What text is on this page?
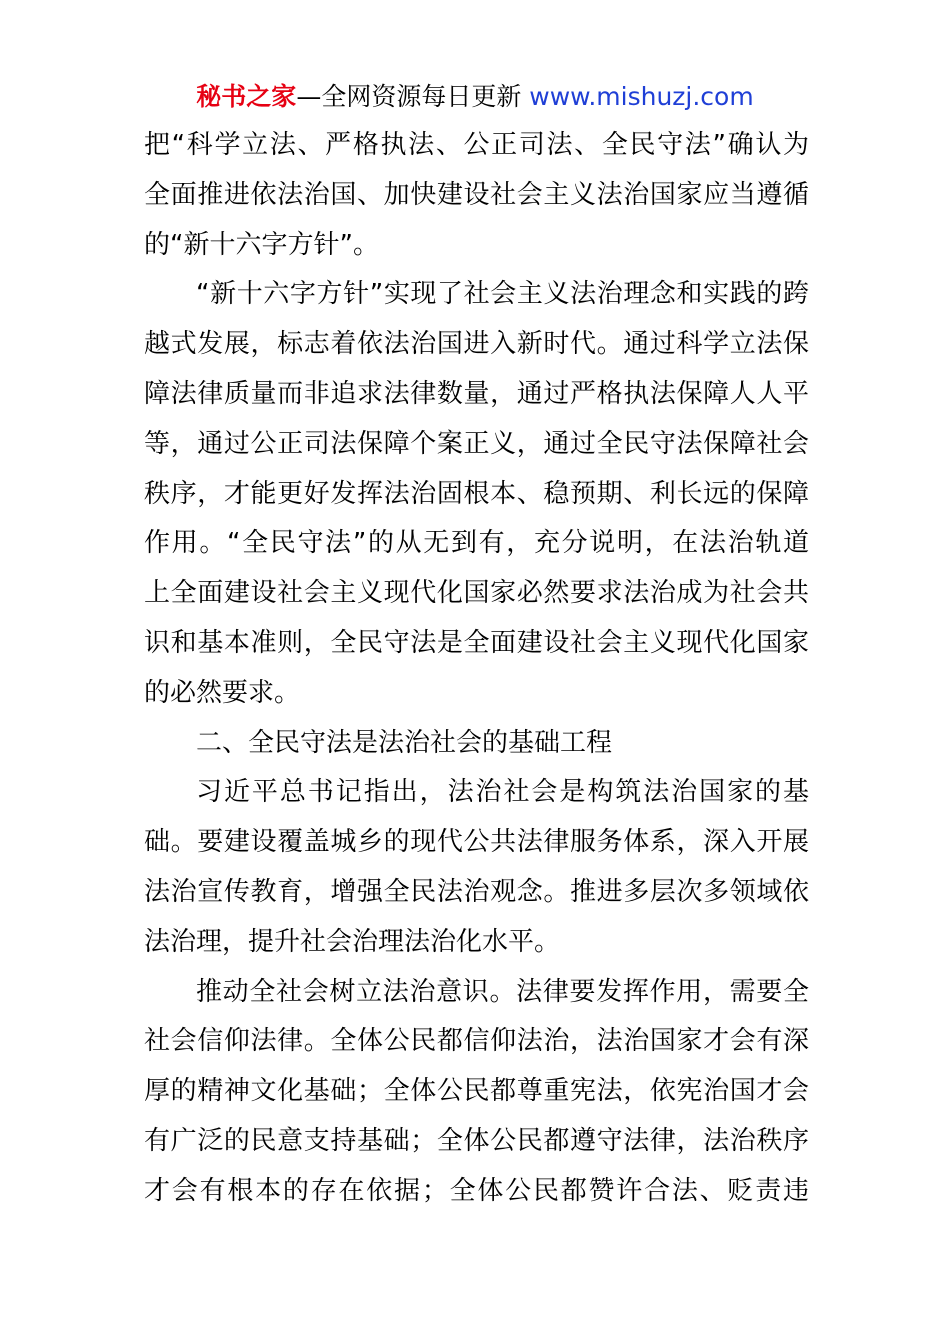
秘书之家—全网资源每日更新 www.mishuzj.com
把“科学立法、严格执法、公正司法、全民守法”确认为
全面推进依法治国、加快建设社会主义法治国家应当遵循
的“新十六字方针”。
“新十六字方针”实现了社会主义法治理念和实践的跨
越式发展，标志着依法治国进入新时代。通过科学立法保
障法律质量而非追求法律数量，通过严格执法保障人人平
等，通过公正司法保障个案正义，通过全民守法保障社会
秩序，才能更好发挥法治固根本、稳预期、利长远的保障
作用。“全民守法”的从无到有，充分说明，在法治轨道
上全面建设社会主义现代化国家必然要求法治成为社会共
识和基本准则，全民守法是全面建设社会主义现代化国家
的必然要求。
二、全民守法是法治社会的基础工程
习近平总书记指出，法治社会是构筑法治国家的基
础。要建设覆盖城乡的现代公共法律服务体系，深入开展
法治宣传教育，增强全民法治观念。推进多层次多领域依
法治理，提升社会治理法治化水平。
推动全社会树立法治意识。法律要发挥作用，需要全
社会信仰法律。全体公民都信仰法治，法治国家才会有深
厚的精神文化基础；全体公民都尊重宪法，依宪治国才会
有广泛的民意支持基础；全体公民都遵守法律，法治秩序
才会有根本的存在依据；全体公民都赞许合法、贬责违
